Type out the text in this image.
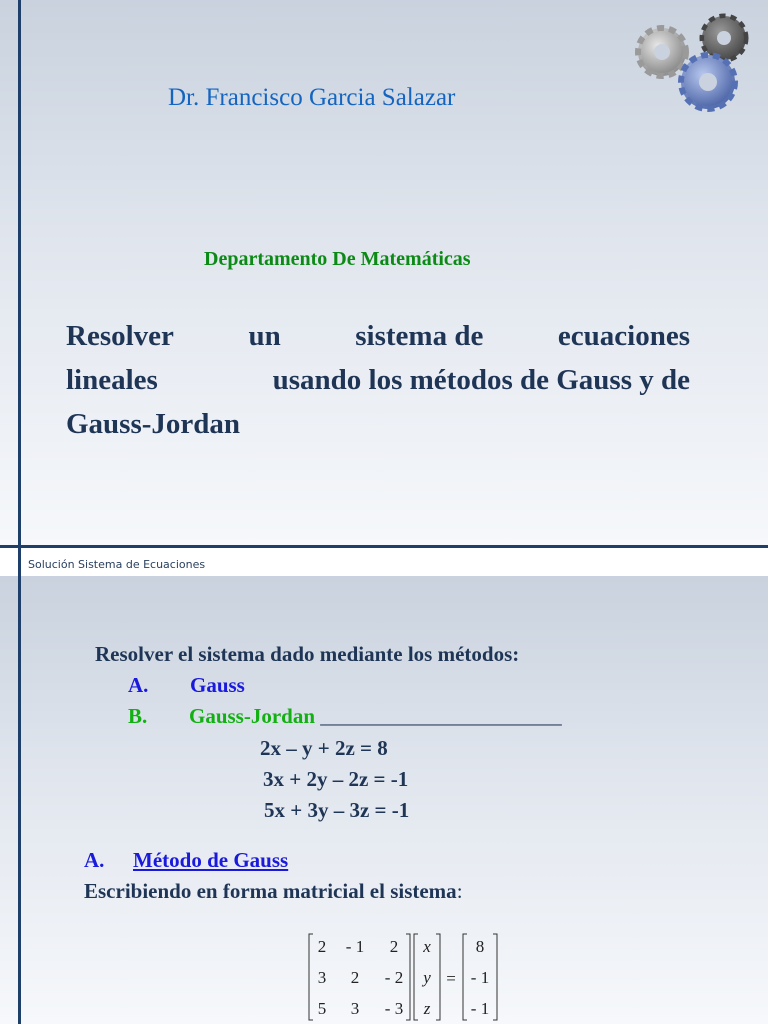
Dr. Francisco Garcia Salazar
Departamento De Matemáticas
Resolver	un	sistema de	ecuaciones
lineales	usando los métodos de Gauss y de
Gauss-Jordan
Solución Sistema de Ecuaciones
Resolver el sistema dado mediante los métodos:
A. Gauss
B. Gauss-Jordan _______________________
2x – y + 2z = 8
3x + 2y – 2z = -1
5x + 3y – 3z = -1
A. Método de Gauss
Escribiendo en forma matricial el sistema:
2 - 1 2
3 2 - 2
5 3 - 3
x
y
z
=
8
- 1
- 1
